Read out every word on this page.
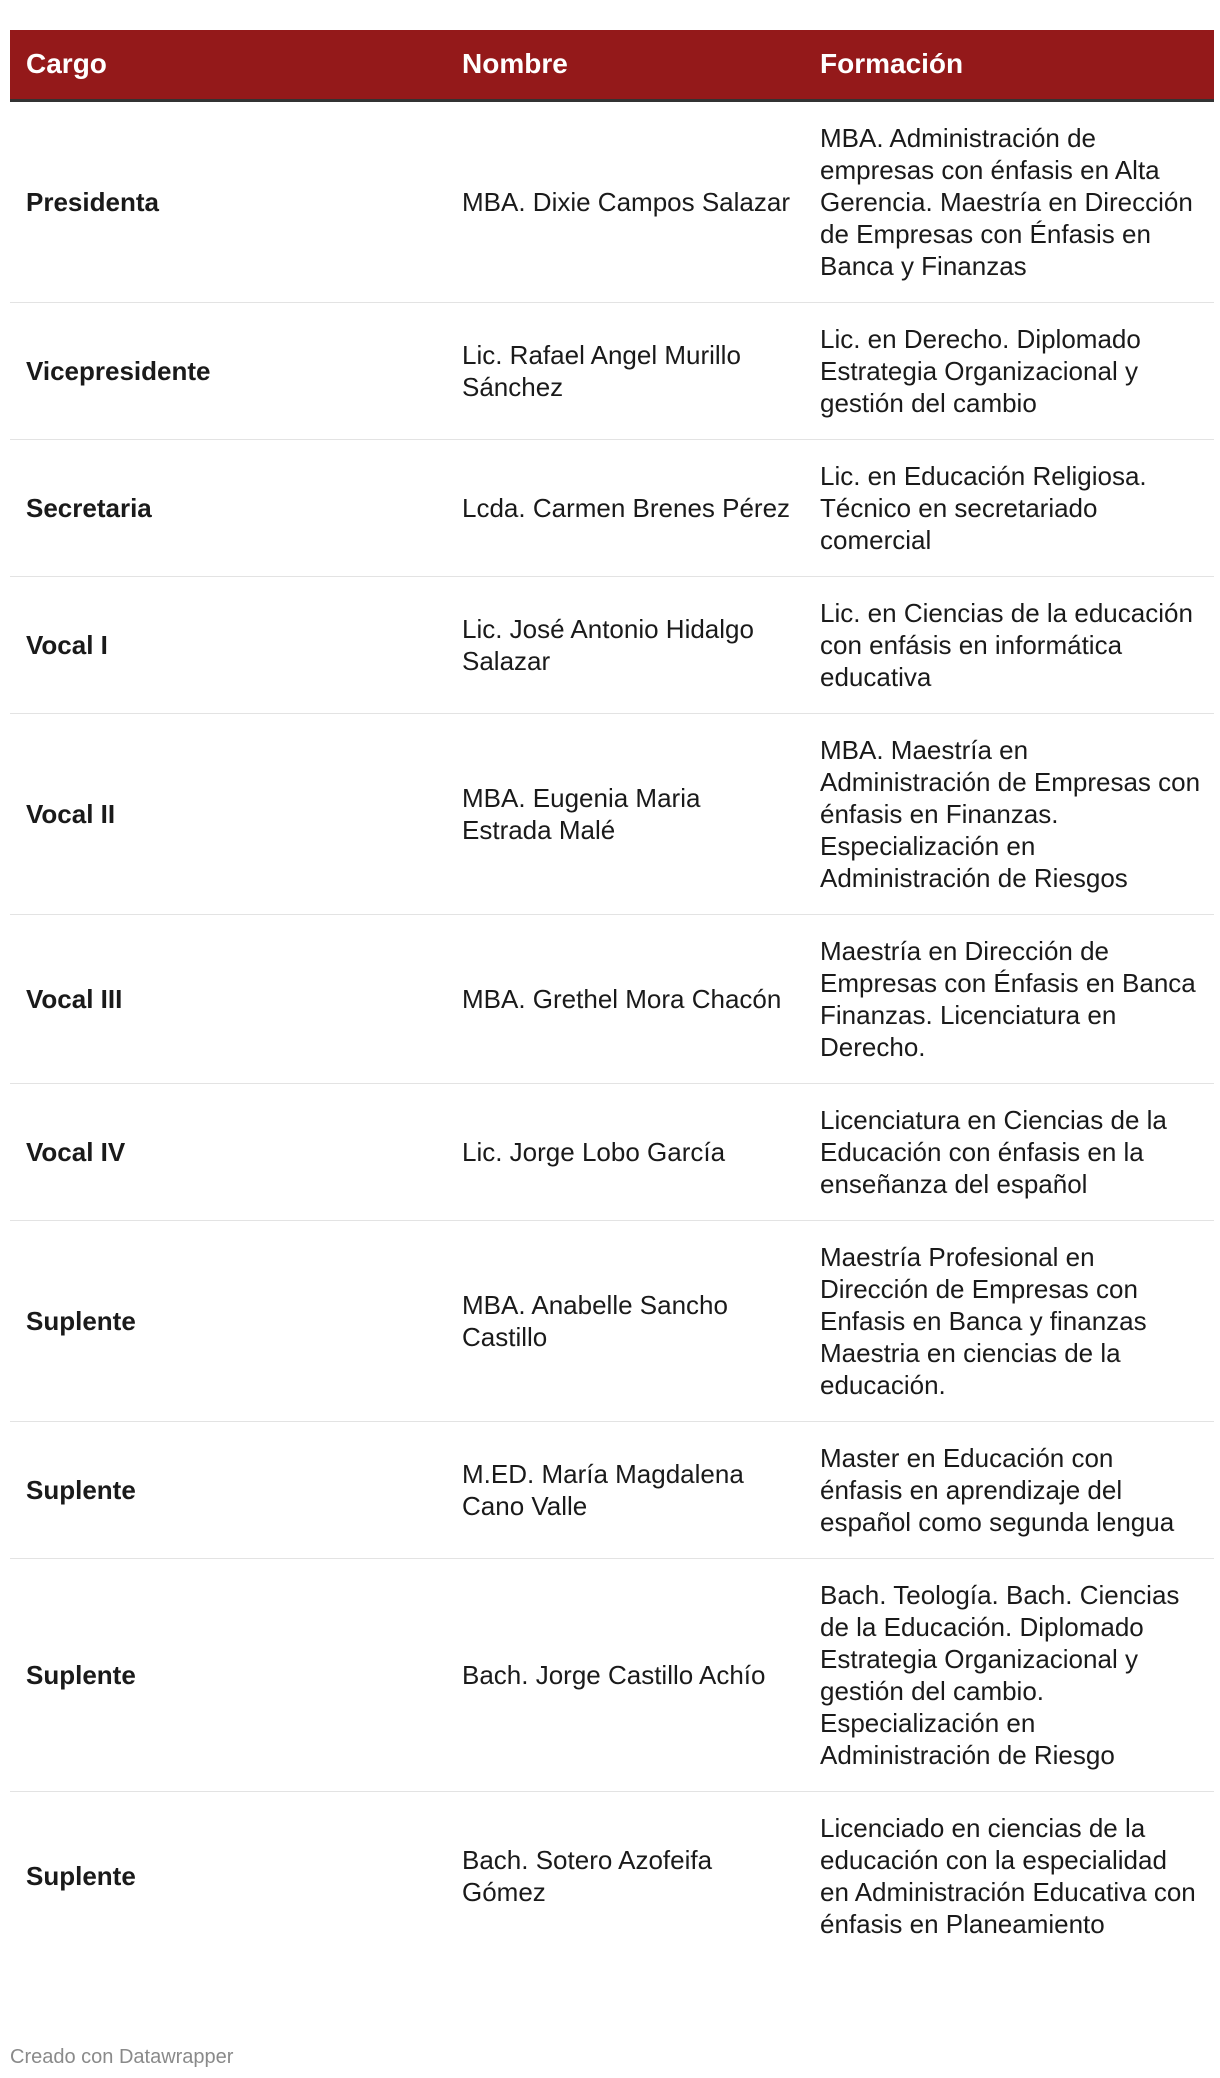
Cargo	Nombre	Formación
Presidenta	MBA. Dixie Campos Salazar	MBA. Administración de empresas con énfasis en Alta Gerencia. Maestría en Dirección de Empresas con Énfasis en Banca y Finanzas
Vicepresidente	Lic. Rafael Angel Murillo Sánchez	Lic. en Derecho. Diplomado Estrategia Organizacional y gestión del cambio
Secretaria	Lcda. Carmen Brenes Pérez	Lic. en Educación Religiosa. Técnico en secretariado comercial
Vocal I	Lic. José Antonio Hidalgo Salazar	Lic. en Ciencias de la educación con enfásis en informática educativa
Vocal II	MBA. Eugenia Maria Estrada Malé	MBA. Maestría en Administración de Empresas con énfasis en Finanzas. Especialización en Administración de Riesgos
Vocal III	MBA. Grethel Mora Chacón	Maestría en Dirección de Empresas con Énfasis en Banca Finanzas. Licenciatura en Derecho.
Vocal IV	Lic. Jorge Lobo García	Licenciatura en Ciencias de la Educación con énfasis en la enseñanza del español
Suplente	MBA. Anabelle Sancho Castillo	Maestría Profesional en Dirección de Empresas con Enfasis en Banca y finanzas Maestria en ciencias de la educación.
Suplente	M.ED. María Magdalena Cano Valle	Master en Educación con énfasis en aprendizaje del español como segunda lengua
Suplente	Bach. Jorge Castillo Achío	Bach. Teología. Bach. Ciencias de la Educación. Diplomado Estrategia Organizacional y gestión del cambio. Especialización en Administración de Riesgo
Suplente	Bach. Sotero Azofeifa Gómez	Licenciado en ciencias de la educación con la especialidad en Administración Educativa con énfasis en Planeamiento
Creado con Datawrapper
